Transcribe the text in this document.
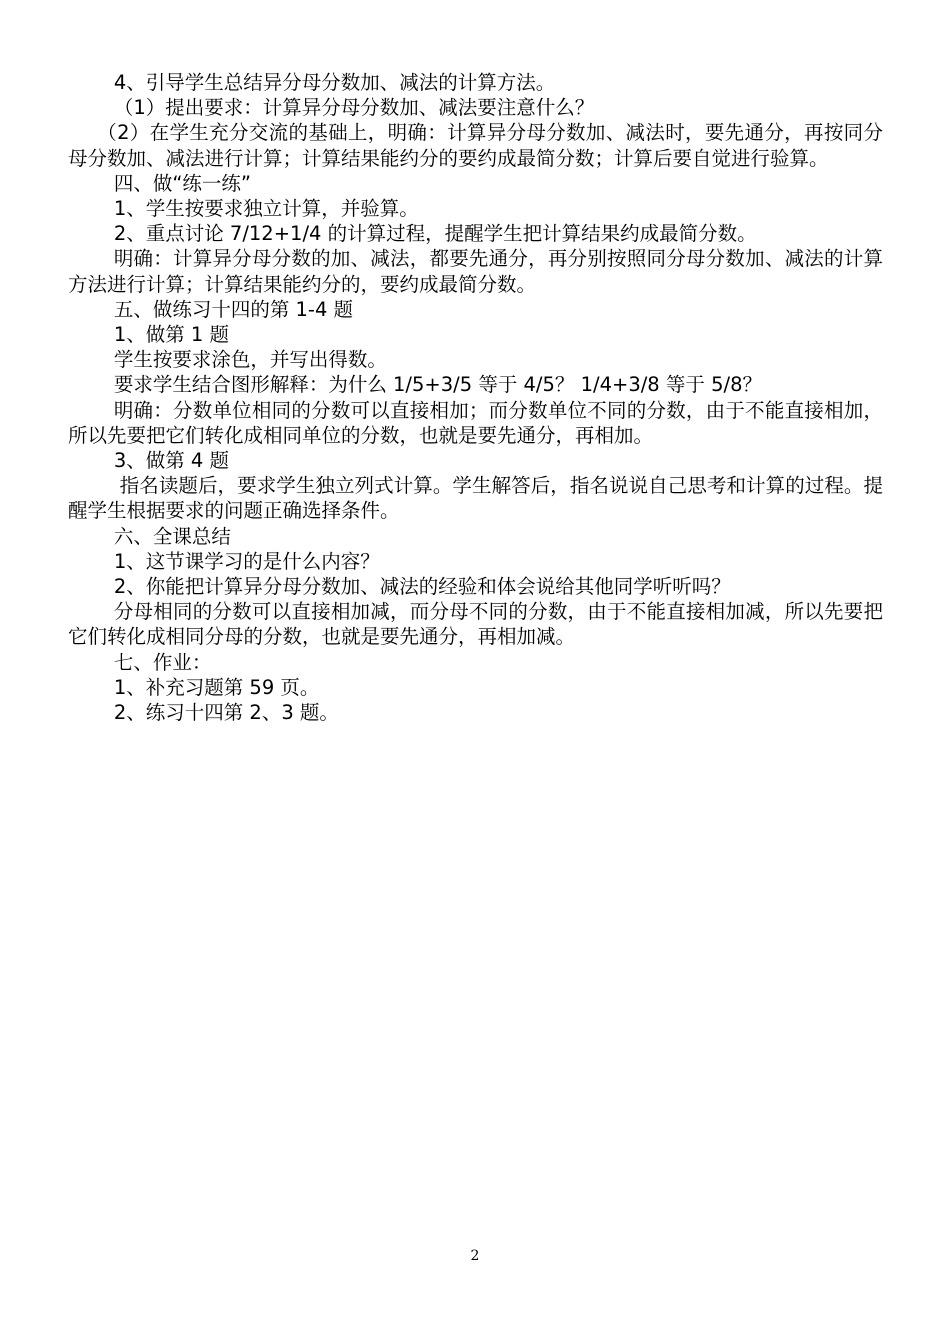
4、引导学生总结异分母分数加、减法的计算方法。

（1）提出要求：计算异分母分数加、减法要注意什么？

（2）在学生充分交流的基础上，明确：计算异分母分数加、减法时，要先通分，再按同分母分数加、减法进行计算；计算结果能约分的要约成最简分数；计算后要自觉进行验算。

四、做“练一练”

1、学生按要求独立计算，并验算。

2、重点讨论 7/12+1/4 的计算过程，提醒学生把计算结果约成最简分数。

明确：计算异分母分数的加、减法，都要先通分，再分别按照同分母分数加、减法的计算方法进行计算；计算结果能约分的，要约成最简分数。

五、做练习十四的第 1-4 题

1、做第 1 题

学生按要求涂色，并写出得数。

要求学生结合图形解释：为什么 1/5+3/5 等于 4/5？ 1/4+3/8 等于 5/8？

明确：分数单位相同的分数可以直接相加；而分数单位不同的分数，由于不能直接相加，所以先要把它们转化成相同单位的分数，也就是要先通分，再相加。

3、做第 4 题

指名读题后，要求学生独立列式计算。学生解答后，指名说说自己思考和计算的过程。提醒学生根据要求的问题正确选择条件。

六、全课总结

1、这节课学习的是什么内容？

2、你能把计算异分母分数加、减法的经验和体会说给其他同学听听吗？

分母相同的分数可以直接相加减，而分母不同的分数，由于不能直接相加减，所以先要把它们转化成相同分母的分数，也就是要先通分，再相加减。

七、作业：

1、补充习题第 59 页。

2、练习十四第 2、3 题。

2
